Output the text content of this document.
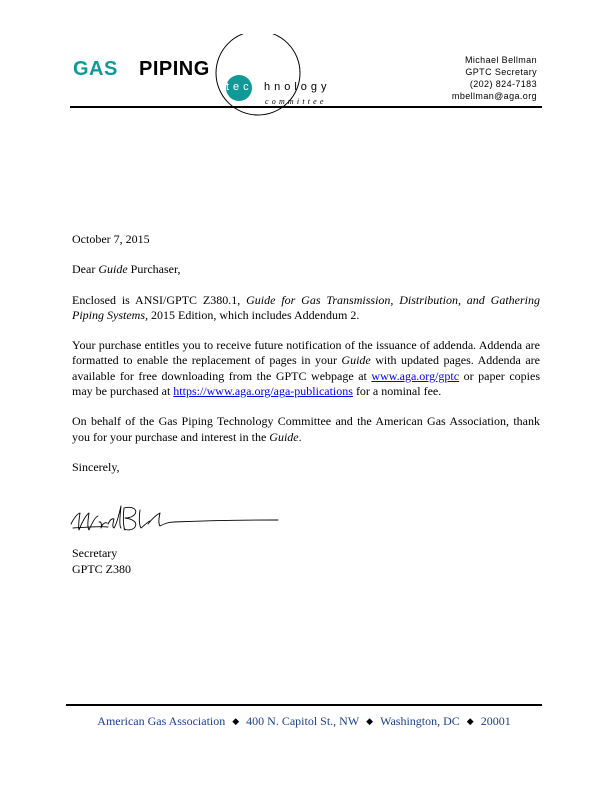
GAS PIPING
tec hnology
committee
Michael Bellman
GPTC Secretary
(202) 824-7183
mbellman@aga.org

October 7, 2015

Dear Guide Purchaser,

Enclosed is ANSI/GPTC Z380.1, Guide for Gas Transmission, Distribution, and Gathering Piping Systems, 2015 Edition, which includes Addendum 2.

Your purchase entitles you to receive future notification of the issuance of addenda. Addenda are formatted to enable the replacement of pages in your Guide with updated pages. Addenda are available for free downloading from the GPTC webpage at www.aga.org/gptc or paper copies may be purchased at https://www.aga.org/aga-publications for a nominal fee.

On behalf of the Gas Piping Technology Committee and the American Gas Association, thank you for your purchase and interest in the Guide.

Sincerely,

Secretary
GPTC Z380
American Gas Association ◆ 400 N. Capitol St., NW ◆ Washington, DC ◆ 20001
